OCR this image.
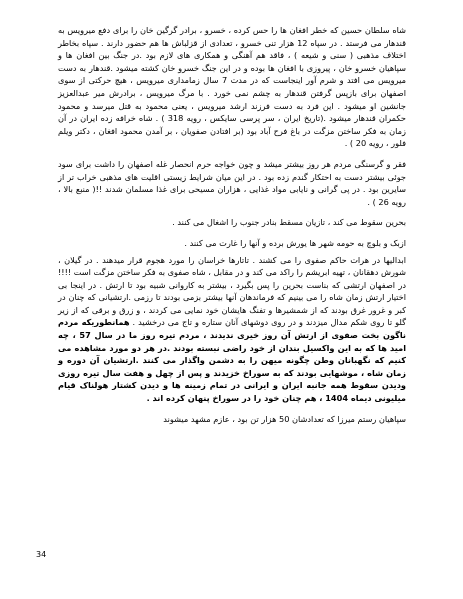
شاه سلطان حسین که خطر افغان ها را حس کرده ، خسرو ، برادر گرگین خان را برای دفع میرویس به قندهار می فرستد . در سپاه 12 هزار تنی خسرو ، تعدادی از قزلباش ها هم حضور دارند . سپاه بخاطر اختلاف مذهبی ( سنی و شیعه ) ، فاقد هم آهنگی و همکاری های لازم بود .در جنگ بین افغان ها و سپاهیان خسرو خان ، پیروزی با افغان ها بوده و در این جنگ خسرو خان کشته میشود .قندهار به دست میرویس می افتد و شرم آور اینجاست که در مدت 7 سال زمامداری میرویس ، هیچ حرکتی از سوی اصفهان برای بازپس گرفتن قندهار به چشم نمی خورد . با مرگ میرویس ، برادرش میر عبدالعزیز جانشین او میشود . این فرد به دست فرزند ارشد میرویس ، یعنی محمود به قتل میرسد و محمود حکمران قندهار میشود .(تاریخ ایران ، سر پرسی سایکس ، رویه 318 ) . شاه خرافه زده ایران در آن زمان به فکر ساختن مزگت در باغ فرح آباد بود (بر افتادن صفویان ، بر آمدن محمود افغان ، دکتر ویلم فلور ، رویه 20 ) .

فقر و گرسنگی مردم هر روز بیشتر میشد و چون خواجه حرم انحصار غله اصفهان را داشت برای سود جوئی بیشتر دست به احتکار گندم زده بود . در این میان شرایط زیستی اقلیت های مذهبی خراب تر از سایرین بود . در پی گرانی و نایابی مواد غذایی ، هزاران مسیحی برای غذا مسلمان شدند !!( منبع بالا ، رویه 26 ) .

بحرین سقوط می کند ، تازیان مسقط بنادر جنوب را اشغال می کنند .

ازبک و بلوچ به حومه شهر ها یورش برده و آنها را غارت می کنند .

ابدالیها در هرات حاکم صفوی را می کشند . تاتارها خراسان را مورد هجوم قرار میدهند . در گیلان ، شورش دهقانان ، تهیه ابریشم را راکد می کند و در مقابل ، شاه صفوی به فکر ساختن مزگت است !!!! در اصفهان ارتشی که بناست بحرین را پس بگیرد ، بیشتر به کاروانی شبیه بود تا ارتش . در اینجا بی اختیار ارتش زمان شاه را می بینیم که فرماندهان آنها بیشتر بزمی بودند تا رزمی .ارتشیانی که چنان در کبر و غرور غرق بودند که از شمشیرها و تفنگ هایشان خود نمایی می کردند ، و زرق و برقی که از زیر گلو تا روی شکم مدال میزدند و در روی دوشهای آنان ستاره و تاج می درخشید . همانطوریکه مردم ناگون بخت صفوی از ارتش آن روز خیری ندیدند ، مردم تیره روز ما در سال 57 ، چه امید ها که به این واکسیل بندان از خود راضی نبسته بودند .در هر دو مورد مشاهده می کنیم که نگهبانان وطن چگونه میهن را به دشمن واگذار می کنند .ارتشیان آن دوره و زمان شاه ، موشهایی بودند که به سوراخ خزیدند و پس از چهل و هفت سال تیره روزی ودیدن سقوط همه جانبه ایران و ایرانی در تمام زمینه ها و دیدن کشتار هولناک قیام میلیونی دیماه 1404 ، هم چنان خود را در سوراخ پنهان کرده اند .

سپاهیان رستم میرزا که تعدادشان 50 هزار تن بود ، عازم مشهد میشوند

34
